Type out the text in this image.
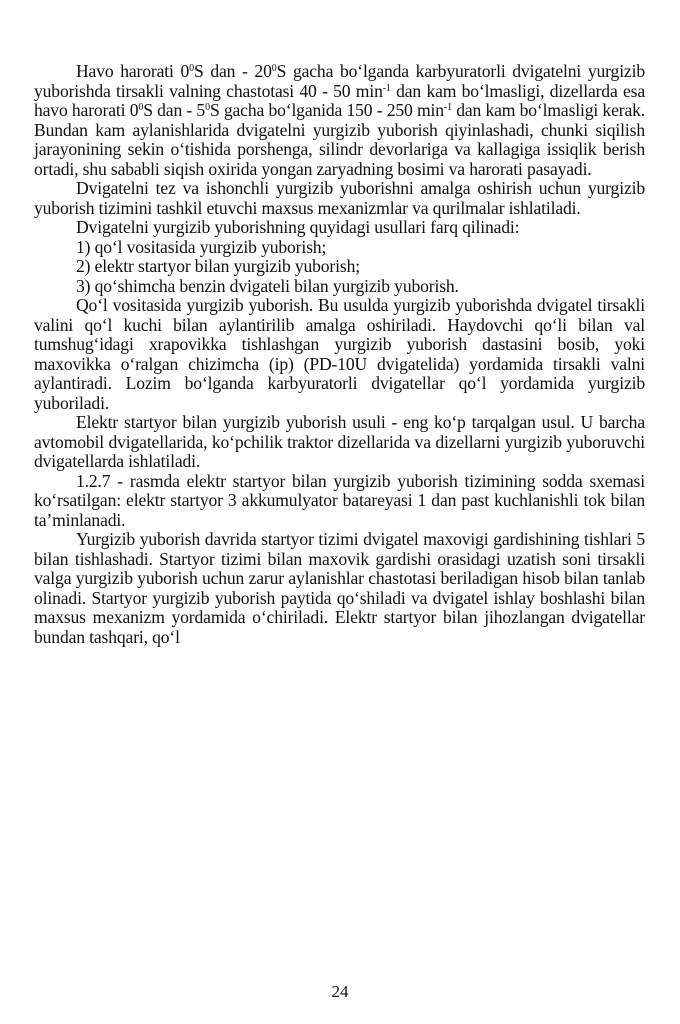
Havo harorati $0^0S$ dan - $20^0S$ gacha bo‘lganda karbyuratorli dvigatelni yurgizib yuborishda tirsakli valning chastotasi 40 - 50 $\min^{-1}$ dan kam bo‘lmasligi, dizellarda esa havo harorati $0^0S$ dan - $5^0S$ gacha bo‘lganida 150 - 250 $\min^{-1}$ dan kam bo‘lmasligi kerak. Bundan kam aylanishlarida dvigatelni yurgizib yuborish qiyinlashadi, chunki siqilish jarayonining sekin o‘tishida porshenga, silindr devorlariga va kallagiga issiqlik berish ortadi, shu sababli siqish oxirida yongan zaryadning bosimi va harorati pasayadi.

Dvigatelni tez va ishonchli yurgizib yuborishni amalga oshirish uchun yurgizib yuborish tizimini tashkil etuvchi maxsus mexanizmlar va qurilmalar ishlatiladi.

Dvigatelni yurgizib yuborishning quyidagi usullari farq qilinadi:

1) qo‘l vositasida yurgizib yuborish;

2) elektr startyor bilan yurgizib yuborish;

3) qo‘shimcha benzin dvigateli bilan yurgizib yuborish.

Qo‘l vositasida yurgizib yuborish. Bu usulda yurgizib yuborishda dvigatel tirsakli valini qo‘l kuchi bilan aylantirilib amalga oshiriladi. Haydovchi qo‘li bilan val tumshug‘idagi xrapovikka tishlashgan yurgizib yuborish dastasini bosib, yoki maxovikka o‘ralgan chizimcha (ip) (PD-10U dvigatelida) yordamida tirsakli valni aylantiradi. Lozim bo‘lganda karbyuratorli dvigatellar qo‘l yordamida yurgizib yuboriladi.

Elektr startyor bilan yurgizib yuborish usuli - eng ko‘p tarqalgan usul. U barcha avtomobil dvigatellarida, ko‘pchilik traktor dizellarida va dizellarni yurgizib yuboruvchi dvigatellarda ishlatiladi.

1.2.7 - rasmda elektr startyor bilan yurgizib yuborish tizimining sodda sxemasi ko‘rsatilgan: elektr startyor 3 akkumulyator batareyasi 1 dan past kuchlanishli tok bilan ta’minlanadi.

Yurgizib yuborish davrida startyor tizimi dvigatel maxovigi gardishining tishlari 5 bilan tishlashadi. Startyor tizimi bilan maxovik gardishi orasidagi uzatish soni tirsakli valga yurgizib yuborish uchun zarur aylanishlar chastotasi beriladigan hisob bilan tanlab olinadi. Startyor yurgizib yuborish paytida qo‘shiladi va dvigatel ishlay boshlashi bilan maxsus mexanizm yordamida o‘chiriladi. Elektr startyor bilan jihozlangan dvigatellar bundan tashqari, qo‘l

24
